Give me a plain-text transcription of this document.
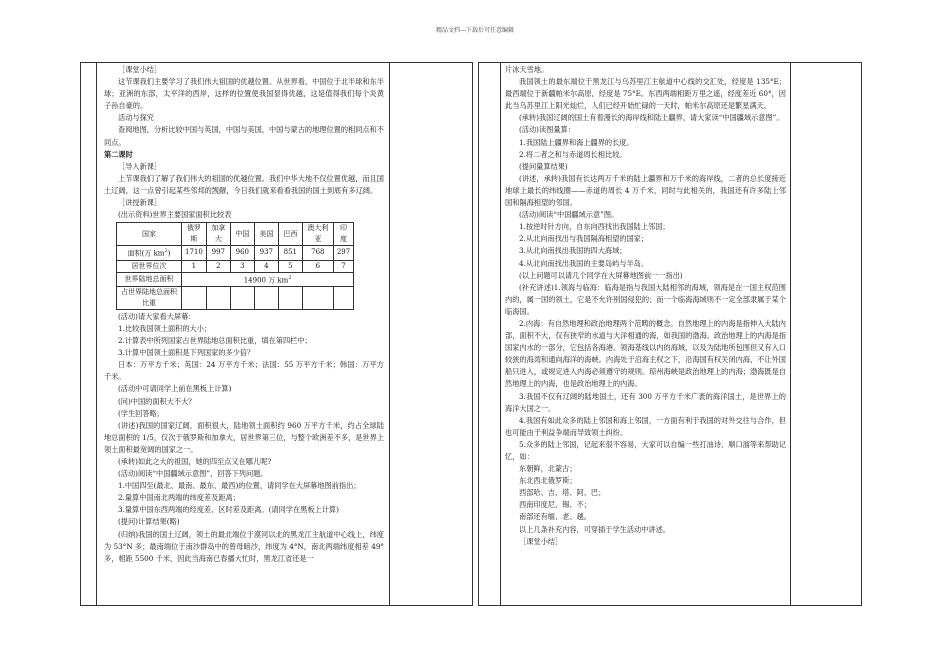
精品文档---下载后可任意编辑

［课堂小结］

这节课我们主要学习了我们伟大祖国的优越位置。从世界看，中国位于北半球和东半球；亚洲的东部，太平洋的西岸，这样的位置使我国显得优越，这是值得我们每个炎黄子孙自豪的。

活动与探究

查阅地图，分析比较中国与英国，中国与美国，中国与蒙古的地理位置的相同点和不同点。

第二课时

［导入新课］

上节课我们了解了我们伟大的祖国的优越位置。我们中华大地不仅位置优越，而且国土辽阔，这一点曾引起某些邻邦的觊觎，今日我们就来看看我国的国土到底有多辽阔。

［讲授新课］

(出示资料)世界主要国家面积比较表

国家	俄罗斯	加拿大	中国	美国	巴西	澳大利亚	印度
面积(万 $km^2$)	1710	997	960	937	851	768	297
居世界位次	1	2	3	4	5	6	7
世界陆地总面积	14900 万 $km^2$
占世界陆地总面积比重							

(活动)请大家看大屏幕：

1.比较我国领土面积的大小；

2.计算表中所列国家占世界陆地总面积比重，填在第四栏中；

3.计算中国领土面积是下列国家的多少倍？

日本：万平方千米；英国：24 万平方千米；法国：55 万平方千米；韩国：万平方千米。

(活动中可请同学上前在黑板上计算)

(问)中国的面积大不大？

(学生回答略。

(讲述)我国的国家辽阔，面积很大，陆地领土面积约 960 万平方千米，约占全球陆地总面积的 1/5，仅次于俄罗斯和加拿大，居世界第三位，与整个欧洲差不多，是世界上领土面积最宽阔的国家之一。

(承转)如此之大的祖国，她的四至点又在哪儿呢?

(活动)阅读“中国疆域示意图”，回答下列问题。

1.中国四至(最北、最南、最东、最西)的位置，请同学在大屏幕地图前指出；

2.量算中国南北两端的纬度差及距离；

3.量算中国东西两端的经度差、区时差及距离。(请同学在黑板上计算)

(提问)计算结果(略)

(归纳)我国的国土辽阔，领土的最北端位于漠河以北的黑龙江主航道中心线上，纬度为 53°N 多；最南端位于南沙群岛中的曾母暗沙，纬度为 4°N，南北两端纬度相差 49°多，相距 5500 千米，因此当海南已春播大忙时，黑龙江省还是一

片冰天雪地。

我国领土的最东端位于黑龙江与乌苏里江主航道中心线的交汇处，经度是 135°E；最西端位于新疆帕米尔高原，经度是 75°E。东西两端相距万里之遥，经度差近 60°，因此当乌苏里江上阳光灿烂，人们已经开始忙碌的一天时，帕米尔高原还是繁星满天。

(承转)我国辽阔的国土有着漫长的海岸线和陆上疆界，请大家读“中国疆域示意图”。

(活动)读图量算：

1.我国陆上疆界和海上疆界的长度。

2.将二者之和与赤道周长相比较。

(提问量算结果)

(讲述，承转)我国有长达两万千米的陆上疆界和万千米的海岸线，二者的总长度接近地球上最长的纬线圈——赤道的周长 4 万千米，同时与此相关的，我国还有许多陆上邻国和隔海相望的邻国。

(活动)阅读“中国疆域示意”图。

1.按逆时针方向，自东向西找出我国陆上邻国；

2.从北向南找出与我国隔海相望的国家；

3.从北向南找出我国的四大海域；

4.从北向南找出我国的主要岛屿与半岛。

(以上问题可以请几个同学在大屏幕地图前一一指出)

(补充讲述)1.领海与临海：临海是指与我国大陆相邻的海域，领海是在一国主权范围内的，属一国的领土，它是不允许别国侵犯的；而一个临海海域则不一定全部隶属于某个临海国。

2.内海：有自然地理和政治地理两个范畴的概念。自然地理上的内海是指伸入大陆内部，面积不大，仅有狭窄的水道与大洋相通的海，如我国的渤海。政治地理上的内海是指国家内水的一部分，它包括各海港、领海基线以内的海域，以及为陆地所包围但又有入口较狭的海湾和通向海洋的海峡。内海处于沿海主权之下，沿海国有权关闭内海，不让外国船只进入，或规定进入内海必须遵守的规则。琼州海峡是政治地理上的内海；渤海既是自然地理上的内海，也是政治地理上的内海。

3.我国不仅有辽阔的陆地国土，还有 300 万平方千米广袤的海洋国土，是世界上的海洋大国之一。

4.我国有如此众多的陆上邻国和海上邻国，一方面有利于我国的对外交往与合作，但也可能由于利益争端而导致领土纠纷。

5.众多的陆上邻国，记起来很不容易，大家可以自编一些打油诗、顺口溜等来帮助记忆，如：

东朝鲜，北蒙古；

东北西北俄罗斯；

西部哈、吉、塔、阿、巴；

西南印度尼、锡、不；

南部还有缅、老、越。

以上几条补充内容，可穿插于学生活动中讲述。

［课堂小结］
